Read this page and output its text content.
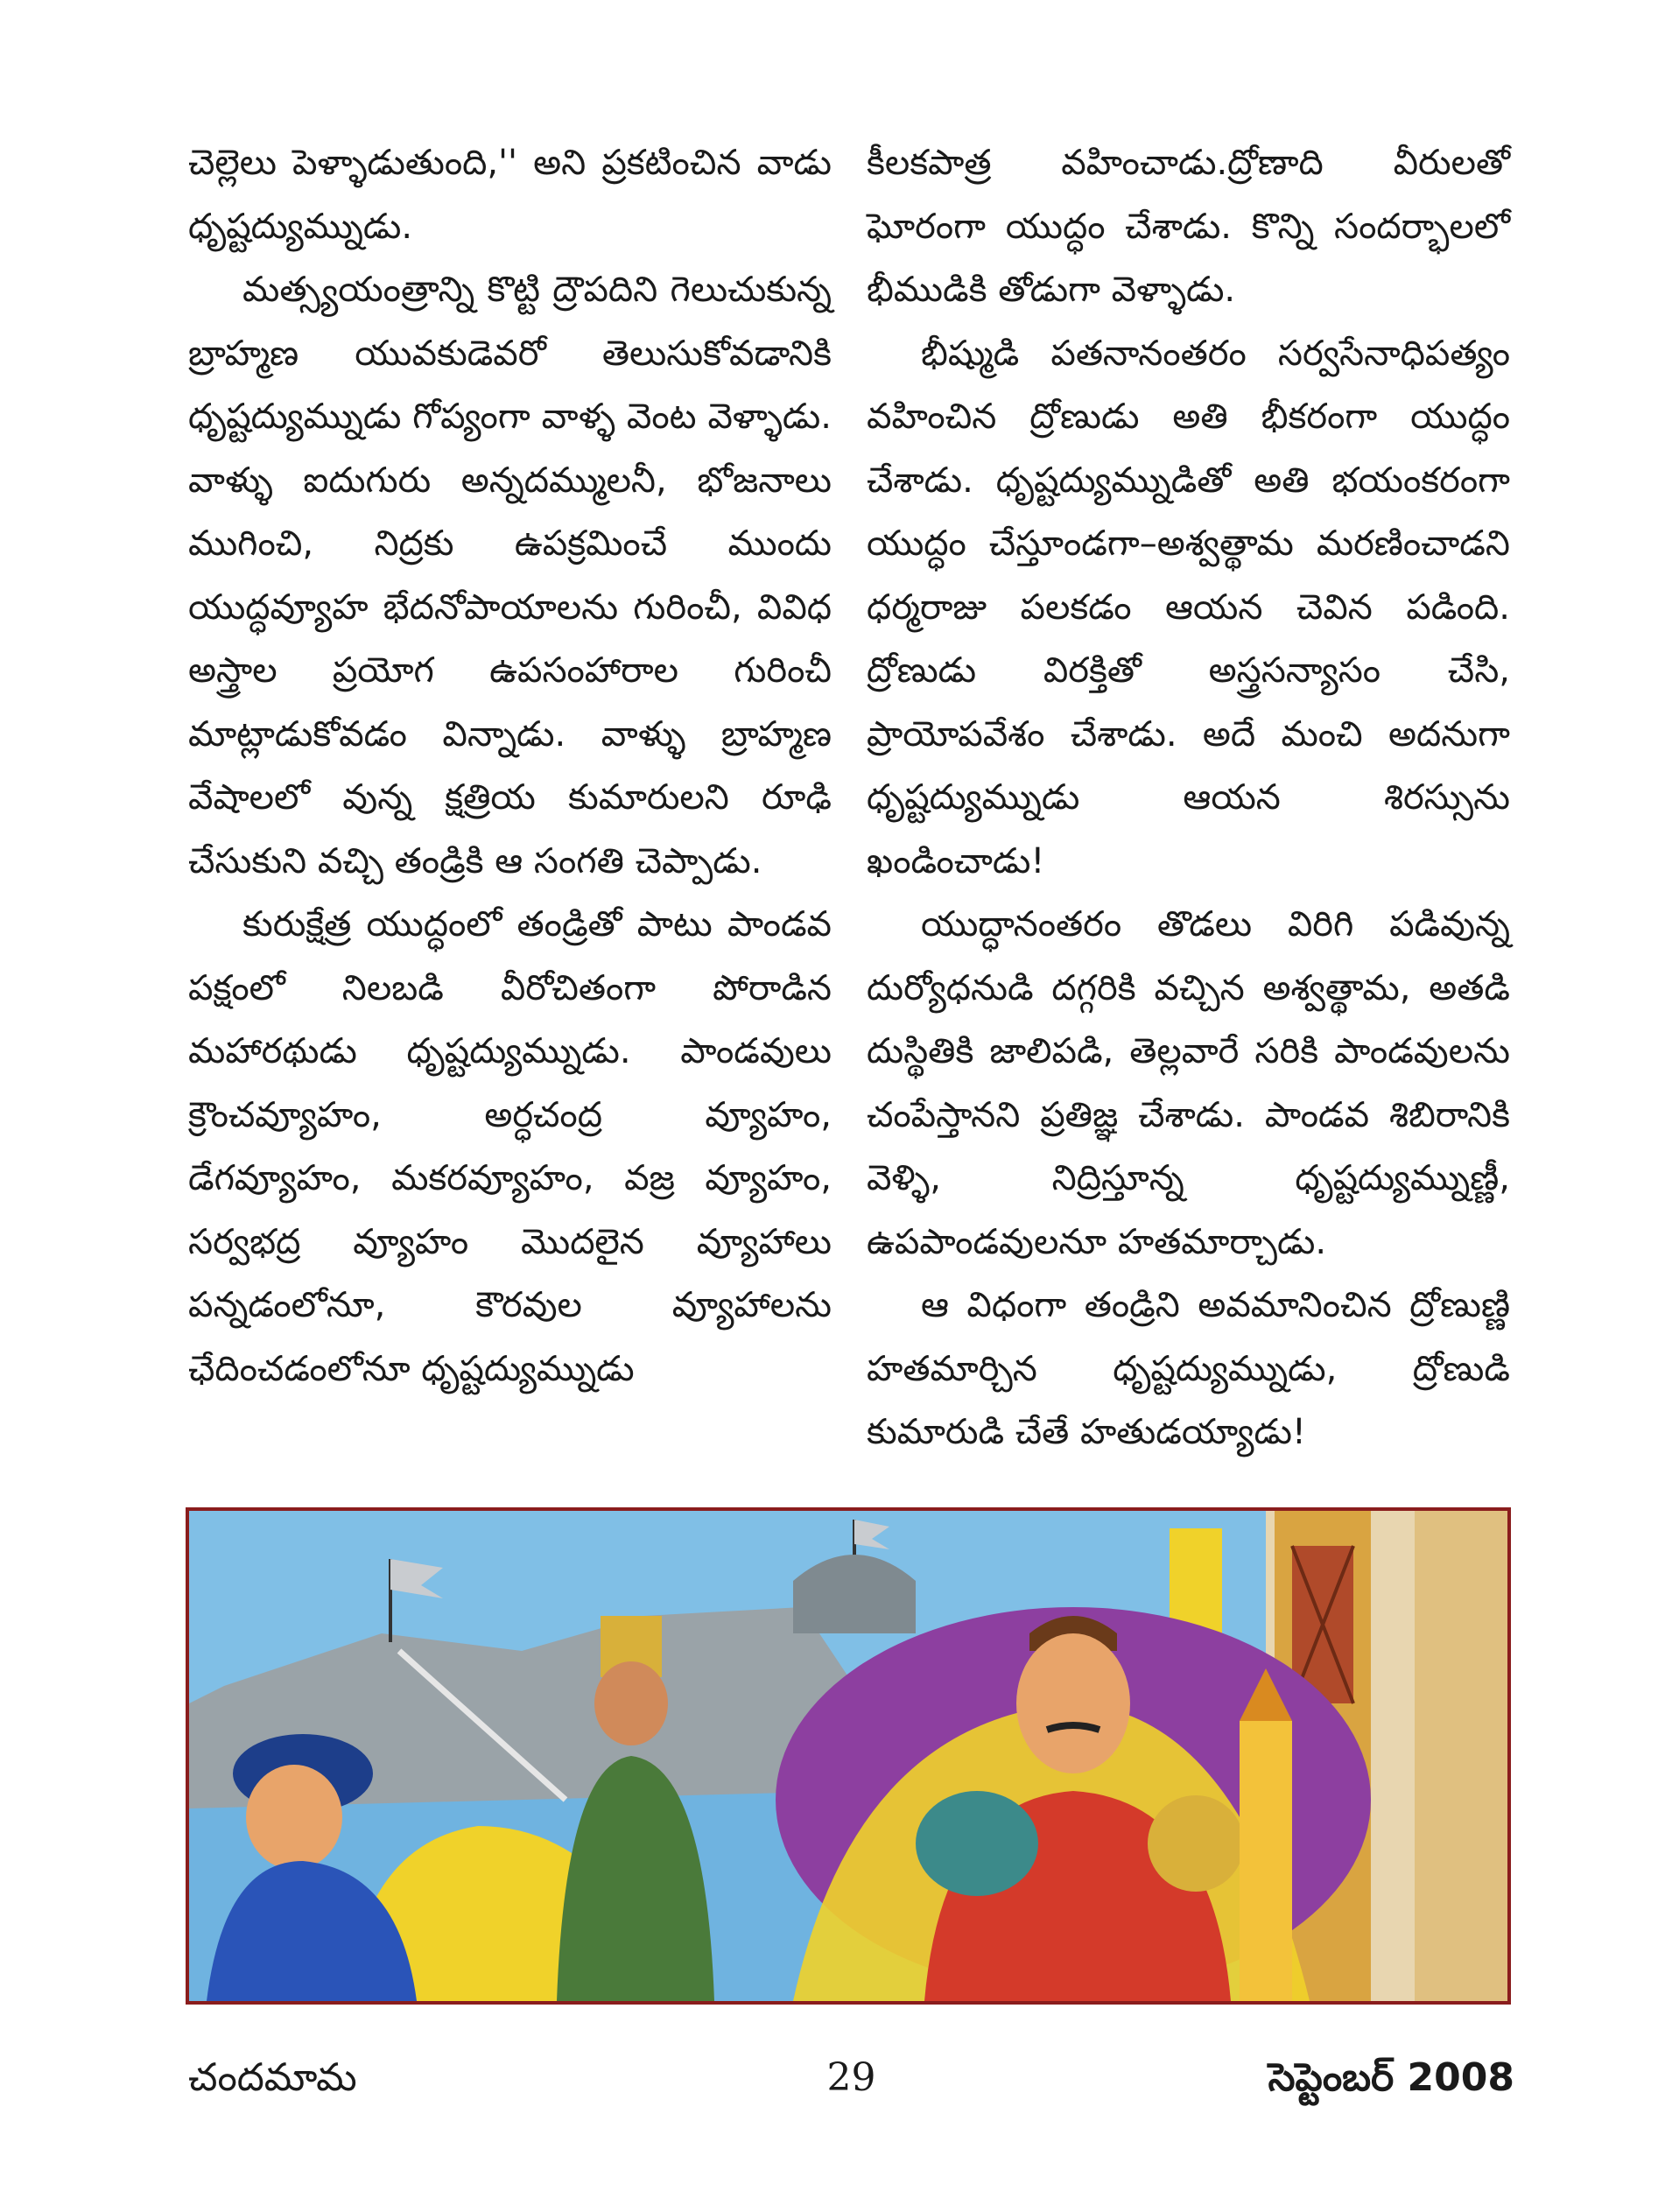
చెల్లెలు పెళ్ళాడుతుంది,'' అని ప్రకటించిన వాడు ధృష్టద్యుమ్నుడు.

మత్స్యయంత్రాన్ని కొట్టి ద్రౌపదిని గెలుచుకున్న బ్రాహ్మణ యువకుడెవరో తెలుసుకోవడానికి ధృష్టద్యుమ్నుడు గోప్యంగా వాళ్ళ వెంట వెళ్ళాడు. వాళ్ళు ఐదుగురు అన్నదమ్ములనీ, భోజనాలు ముగించి, నిద్రకు ఉపక్రమించే ముందు యుద్ధవ్యూహ భేదనోపాయాలను గురించీ, వివిధ అస్త్రాల ప్రయోగ ఉపసంహారాల గురించీ మాట్లాడుకోవడం విన్నాడు. వాళ్ళు బ్రాహ్మణ వేషాలలో వున్న క్షత్రియ కుమారులని రూఢి చేసుకుని వచ్చి తండ్రికి ఆ సంగతి చెప్పాడు.

కురుక్షేత్ర యుద్ధంలో తండ్రితో పాటు పాండవ పక్షంలో నిలబడి వీరోచితంగా పోరాడిన మహారథుడు ధృష్టద్యుమ్నుడు. పాండవులు క్రౌంచవ్యూహం, అర్ధచంద్ర వ్యూహం, డేగవ్యూహం, మకరవ్యూహం, వజ్ర వ్యూహం, సర్వభద్ర వ్యూహం మొదలైన వ్యూహాలు పన్నడంలోనూ, కౌరవుల వ్యూహాలను ఛేదించడంలోనూ ధృష్టద్యుమ్నుడు

కీలకపాత్ర వహించాడు.ద్రోణాది వీరులతో ఘోరంగా యుద్ధం చేశాడు. కొన్ని సందర్భాలలో భీముడికి తోడుగా వెళ్ళాడు.

భీష్ముడి పతనానంతరం సర్వసేనాధిపత్యం వహించిన ద్రోణుడు అతి భీకరంగా యుద్ధం చేశాడు. ధృష్టద్యుమ్నుడితో అతి భయంకరంగా యుద్ధం చేస్తూండగా–అశ్వత్థామ మరణించాడని ధర్మరాజు పలకడం ఆయన చెవిన పడింది. ద్రోణుడు విరక్తితో అస్త్రసన్యాసం చేసి, ప్రాయోపవేశం చేశాడు. అదే మంచి అదనుగా ధృష్టద్యుమ్నుడు ఆయన శిరస్సును ఖండించాడు!

యుద్ధానంతరం తొడలు విరిగి పడివున్న దుర్యోధనుడి దగ్గరికి వచ్చిన అశ్వత్థామ, అతడి దుస్థితికి జాలిపడి, తెల్లవారే సరికి పాండవులను చంపేస్తానని ప్రతిజ్ఞ చేశాడు. పాండవ శిబిరానికి వెళ్ళి, నిద్రిస్తూన్న ధృష్టద్యుమ్నుణ్ణీ, ఉపపాండవులనూ హతమార్చాడు.

ఆ విధంగా తండ్రిని అవమానించిన ద్రోణుణ్ణి హతమార్చిన ధృష్టద్యుమ్నుడు, ద్రోణుడి కుమారుడి చేతే హతుడయ్యాడు!

చందమామ	29	సెప్టెంబర్ 2008
